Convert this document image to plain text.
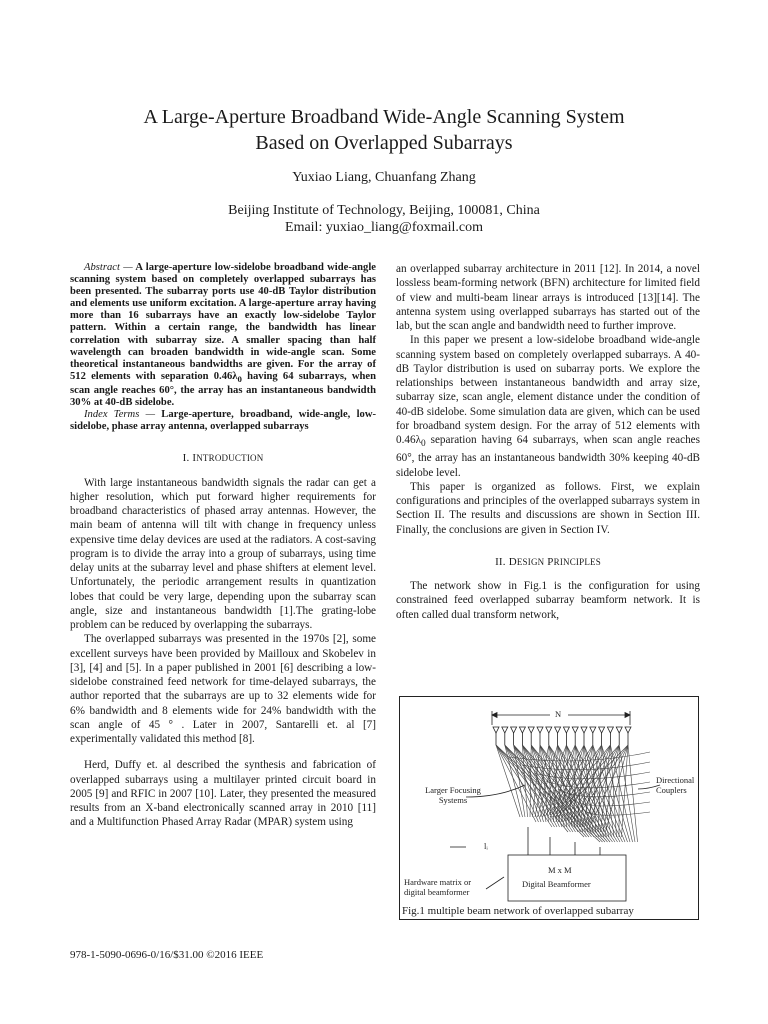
A Large-Aperture Broadband Wide-Angle Scanning System
Based on Overlapped Subarrays
Yuxiao Liang, Chuanfang Zhang
Beijing Institute of Technology, Beijing, 100081, China
Email: yuxiao_liang@foxmail.com

Abstract — A large-aperture low-sidelobe broadband wide-angle scanning system based on completely overlapped subarrays has been presented. The subarray ports use 40-dB Taylor distribution and elements use uniform excitation. A large-aperture array having more than 16 subarrays have an exactly low-sidelobe Taylor pattern. Within a certain range, the bandwidth has linear correlation with subarray size. A smaller spacing than half wavelength can broaden bandwidth in wide-angle scan. Some theoretical instantaneous bandwidths are given. For the array of 512 elements with separation $0.46\lambda_0$ having 64 subarrays, when scan angle reaches 60°, the array has an instantaneous bandwidth 30% at 40-dB sidelobe.

Index Terms — Large-aperture, broadband, wide-angle, low-sidelobe, phase array antenna, overlapped subarrays

I. INTRODUCTION

With large instantaneous bandwidth signals the radar can get a higher resolution, which put forward higher requirements for broadband characteristics of phased array antennas. However, the main beam of antenna will tilt with change in frequency unless expensive time delay devices are used at the radiators. A cost-saving program is to divide the array into a group of subarrays, using time delay units at the subarray level and phase shifters at element level. Unfortunately, the periodic arrangement results in quantization lobes that could be very large, depending upon the subarray scan angle, size and instantaneous bandwidth [1].The grating-lobe problem can be reduced by overlapping the subarrays.

The overlapped subarrays was presented in the 1970s [2], some excellent surveys have been provided by Mailloux and Skobelev in [3], [4] and [5]. In a paper published in 2001 [6] describing a low-sidelobe constrained feed network for time-delayed subarrays, the author reported that the subarrays are up to 32 elements wide for 6% bandwidth and 8 elements wide for 24% bandwidth with the scan angle of 45 ° . Later in 2007, Santarelli et. al [7] experimentally validated this method [8].

Herd, Duffy et. al described the synthesis and fabrication of overlapped subarrays using a multilayer printed circuit board in 2005 [9] and RFIC in 2007 [10]. Later, they presented the measured results from an X-band electronically scanned array in 2010 [11] and a Multifunction Phased Array Radar (MPAR) system using

an overlapped subarray architecture in 2011 [12]. In 2014, a novel lossless beam-forming network (BFN) architecture for limited field of view and multi-beam linear arrays is introduced [13][14]. The antenna system using overlapped subarrays has started out of the lab, but the scan angle and bandwidth need to further improve.

In this paper we present a low-sidelobe broadband wide-angle scanning system based on completely overlapped subarrays. A 40-dB Taylor distribution is used on subarray ports. We explore the relationships between instantaneous bandwidth and array size, subarray size, scan angle, element distance under the condition of 40-dB sidelobe. Some simulation data are given, which can be used for broadband system design. For the array of 512 elements with $0.46\lambda_0$ separation having 64 subarrays, when scan angle reaches 60°, the array has an instantaneous bandwidth 30% keeping 40-dB sidelobe level.

This paper is organized as follows. First, we explain configurations and principles of the overlapped subarrays system in Section II. The results and discussions are shown in Section III. Finally, the conclusions are given in Section IV.

II. DESIGN PRINCIPLES

The network show in Fig.1 is the configuration for using constrained feed overlapped subarray beamform network. It is often called dual transform network,

N
Larger Focusing Systems
Directional Couplers
lᵢ
Hardware matrix or digital beamformer
M x M
Digital Beamformer
Fig.1 multiple beam network of overlapped subarray
978-1-5090-0696-0/16/$31.00 ©2016 IEEE
